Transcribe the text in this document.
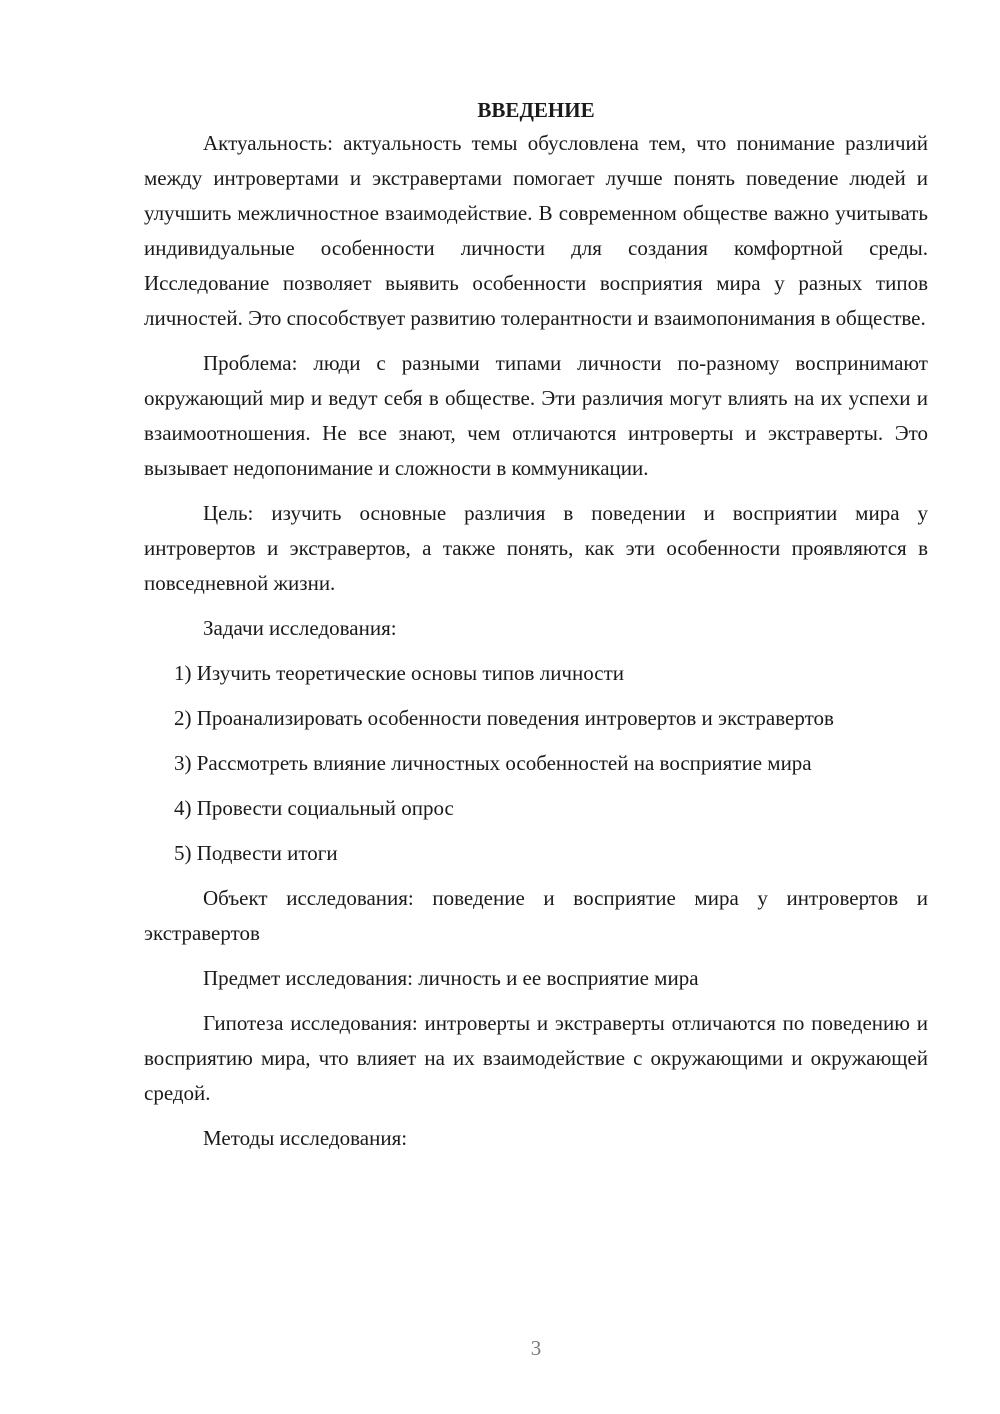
ВВЕДЕНИЕ

Актуальность: актуальность темы обусловлена тем, что понимание различий между интровертами и экстравертами помогает лучше понять поведение людей и улучшить межличностное взаимодействие. В современном обществе важно учитывать индивидуальные особенности личности для создания комфортной среды. Исследование позволяет выявить особенности восприятия мира у разных типов личностей. Это способствует развитию толерантности и взаимопонимания в обществе.

Проблема: люди с разными типами личности по-разному воспринимают окружающий мир и ведут себя в обществе. Эти различия могут влиять на их успехи и взаимоотношения. Не все знают, чем отличаются интроверты и экстраверты. Это вызывает недопонимание и сложности в коммуникации.

Цель: изучить основные различия в поведении и восприятии мира у интровертов и экстравертов, а также понять, как эти особенности проявляются в повседневной жизни.

Задачи исследования:

1) Изучить теоретические основы типов личности

2) Проанализировать особенности поведения интровертов и экстравертов

3) Рассмотреть влияние личностных особенностей на восприятие мира

4) Провести социальный опрос

5) Подвести итоги

Объект исследования: поведение и восприятие мира у интровертов и экстравертов

Предмет исследования: личность и ее восприятие мира

Гипотеза исследования: интроверты и экстраверты отличаются по поведению и восприятию мира, что влияет на их взаимодействие с окружающими и окружающей средой.

Методы исследования:

3
